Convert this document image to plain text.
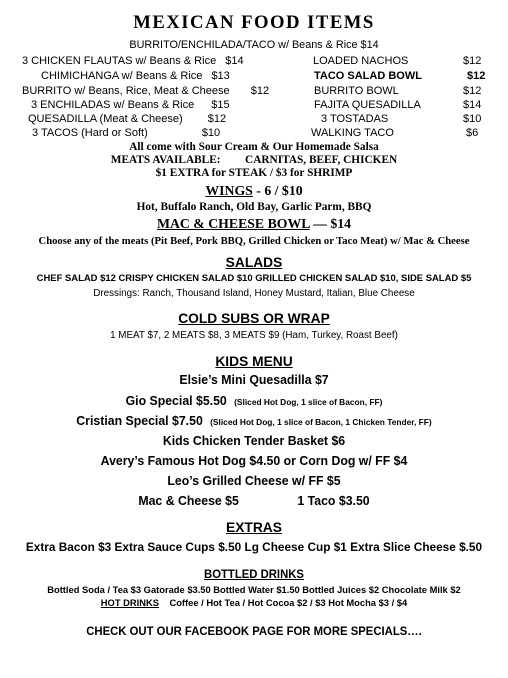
MEXICAN FOOD ITEMS
BURRITO/ENCHILADA/TACO w/ Beans & Rice $14
3 CHICKEN FLAUTAS w/ Beans & Rice $14
CHIMICHANGA w/ Beans & Rice $13
BURRITO w/ Beans, Rice, Meat & Cheese $12
3 ENCHILADAS w/ Beans & Rice $15
QUESADILLA (Meat & Cheese) $12
3 TACOS (Hard or Soft)	$10
LOADED NACHOS	$12
TACO SALAD BOWL	$12
BURRITO BOWL	$12
FAJITA QUESADILLA	$14
3 TOSTADAS	$10
WALKING TACO	$6
All come with Sour Cream & Our Homemade Salsa
MEATS AVAILABLE: CARNITAS, BEEF, CHICKEN
$1 EXTRA for STEAK / $3 for SHRIMP
WINGS - 6 / $10
Hot, Buffalo Ranch, Old Bay, Garlic Parm, BBQ
MAC & CHEESE BOWL — $14
Choose any of the meats (Pit Beef, Pork BBQ, Grilled Chicken or Taco Meat) w/ Mac & Cheese
SALADS
CHEF SALAD $12 CRISPY CHICKEN SALAD $10 GRILLED CHICKEN SALAD $10, SIDE SALAD $5
Dressings: Ranch, Thousand Island, Honey Mustard, Italian, Blue Cheese
COLD SUBS OR WRAP
1 MEAT $7, 2 MEATS $8, 3 MEATS $9 (Ham, Turkey, Roast Beef)
KIDS MENU
Elsie’s Mini Quesadilla $7
Gio Special $5.50 (Sliced Hot Dog, 1 slice of Bacon, FF)
Cristian Special $7.50 (Sliced Hot Dog, 1 slice of Bacon, 1 Chicken Tender, FF)
Kids Chicken Tender Basket $6
Avery’s Famous Hot Dog $4.50 or Corn Dog w/ FF $4
Leo’s Grilled Cheese w/ FF $5
Mac & Cheese $5	1 Taco $3.50
EXTRAS
Extra Bacon $3 Extra Sauce Cups $.50 Lg Cheese Cup $1 Extra Slice Cheese $.50
BOTTLED DRINKS
Bottled Soda / Tea $3 Gatorade $3.50 Bottled Water $1.50 Bottled Juices $2 Chocolate Milk $2
HOT DRINKS Coffee / Hot Tea / Hot Cocoa $2 / $3 Hot Mocha $3 / $4
CHECK OUT OUR FACEBOOK PAGE FOR MORE SPECIALS….
